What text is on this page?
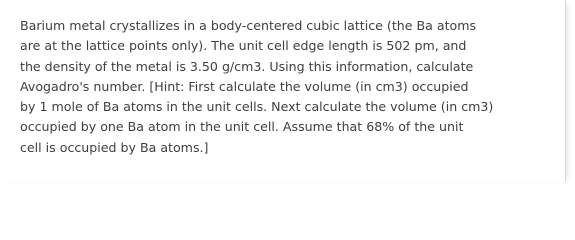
Barium metal crystallizes in a body-centered cubic lattice (the Ba atoms
are at the lattice points only). The unit cell edge length is 502 pm, and
the density of the metal is 3.50 g/cm3. Using this information, calculate
Avogadro's number. [Hint: First calculate the volume (in cm3) occupied
by 1 mole of Ba atoms in the unit cells. Next calculate the volume (in cm3)
occupied by one Ba atom in the unit cell. Assume that 68% of the unit
cell is occupied by Ba atoms.]
